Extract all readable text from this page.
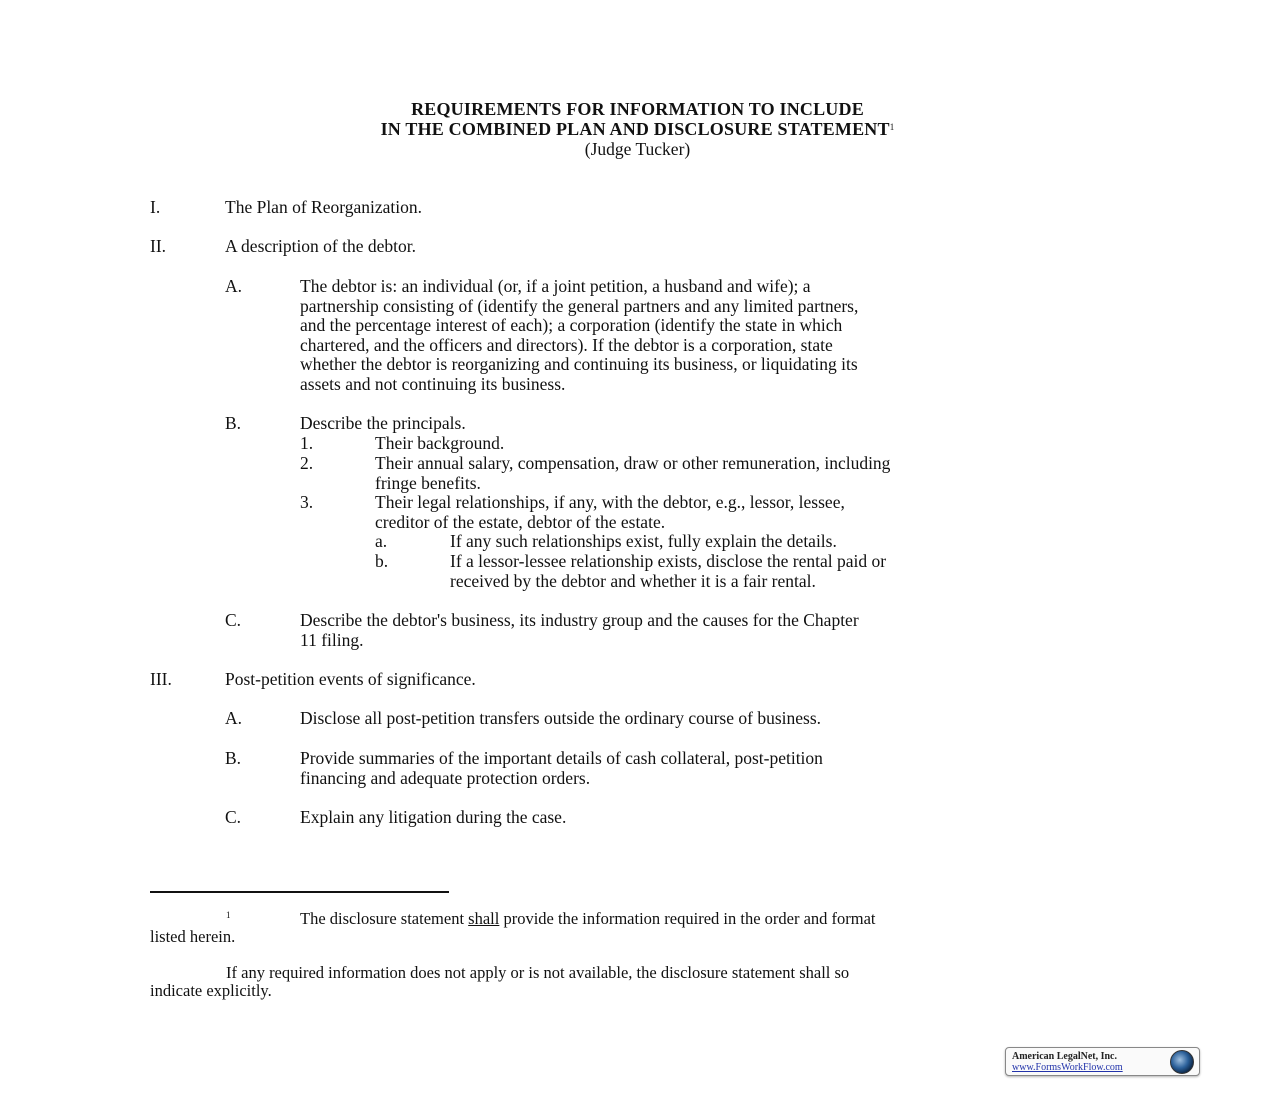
REQUIREMENTS FOR INFORMATION TO INCLUDE
IN THE COMBINED PLAN AND DISCLOSURE STATEMENT$^1$
(Judge Tucker)
I.	The Plan of Reorganization.
II.	A description of the debtor.
A.	The debtor is: an individual (or, if a joint petition, a husband and wife); a
partnership consisting of (identify the general partners and any limited partners,
and the percentage interest of each); a corporation (identify the state in which
chartered, and the officers and directors). If the debtor is a corporation, state
whether the debtor is reorganizing and continuing its business, or liquidating its
assets and not continuing its business.
B.	Describe the principals.
1.	Their background.
2.	Their annual salary, compensation, draw or other remuneration, including
fringe benefits.
3.	Their legal relationships, if any, with the debtor, e.g., lessor, lessee,
creditor of the estate, debtor of the estate.
a.	If any such relationships exist, fully explain the details.
b.	If a lessor-lessee relationship exists, disclose the rental paid or
received by the debtor and whether it is a fair rental.
C.	Describe the debtor's business, its industry group and the causes for the Chapter
11 filing.
III.	Post-petition events of significance.
A.	Disclose all post-petition transfers outside the ordinary course of business.
B.	Provide summaries of the important details of cash collateral, post-petition
financing and adequate protection orders.
C.	Explain any litigation during the case.
1	The disclosure statement shall provide the information required in the order and format
listed herein.
If any required information does not apply or is not available, the disclosure statement shall so
indicate explicitly.
American LegalNet, Inc.
www.FormsWorkFlow.com
